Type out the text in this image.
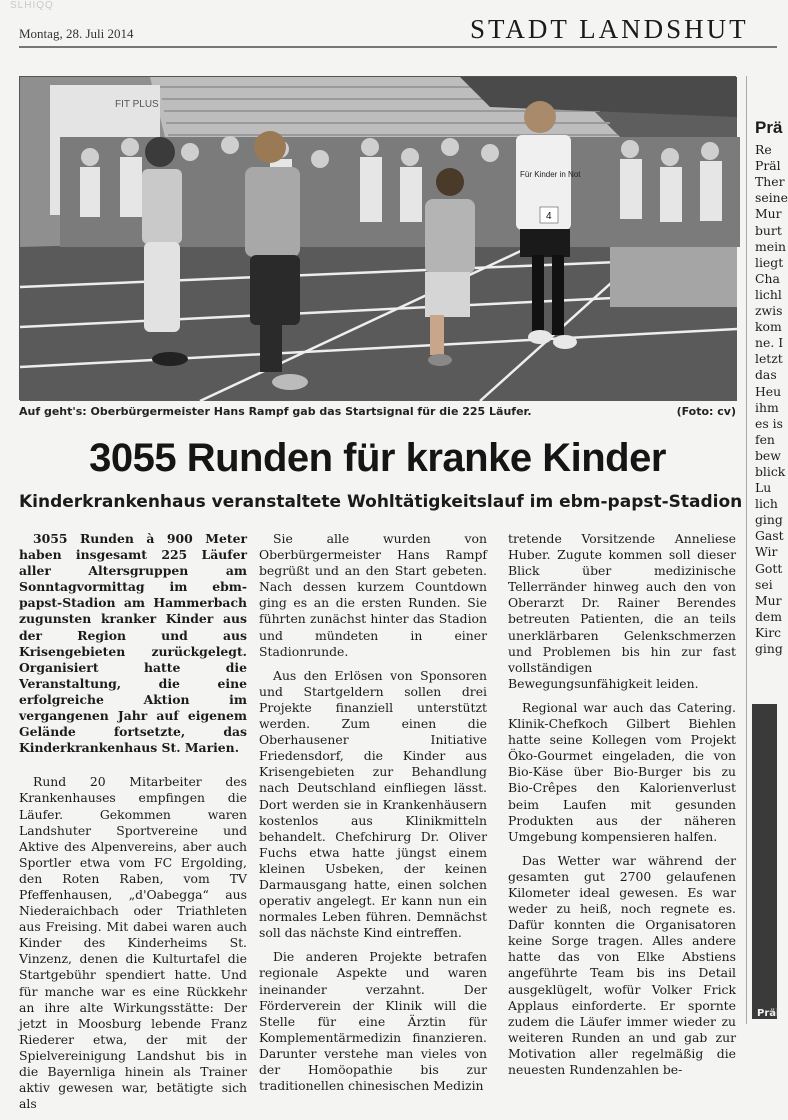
SLHIQQ
Montag, 28. Juli 2014	STADT LANDSHUT
FIT PLUS
Für Kinder in Not
4
Auf geht's: Oberbürgermeister Hans Rampf gab das Startsignal für die 225 Läufer.	(Foto: cv)
3055 Runden für kranke Kinder
Kinderkrankenhaus veranstaltete Wohltätigkeitslauf im ebm-papst-Stadion

3055 Runden à 900 Meter haben insgesamt 225 Läufer aller Altersgruppen am Sonntagvormittag im ebm-papst-Stadion am Hammerbach zugunsten kranker Kinder aus der Region und aus Krisengebieten zurückgelegt. Organisiert hatte die Veranstaltung, die eine erfolgreiche Aktion im vergangenen Jahr auf eigenem Gelände fortsetzte, das Kinderkrankenhaus St. Marien.

Rund 20 Mitarbeiter des Krankenhauses empfingen die Läufer. Gekommen waren Landshuter Sportvereine und Aktive des Alpenvereins, aber auch Sportler etwa vom FC Ergolding, den Roten Raben, vom TV Pfeffenhausen, „d'Oabegga“ aus Niederaichbach oder Triathleten aus Freising. Mit dabei waren auch Kinder des Kinderheims St. Vinzenz, denen die Kulturtafel die Startgebühr spendiert hatte. Und für manche war es eine Rückkehr an ihre alte Wirkungsstätte: Der jetzt in Moosburg lebende Franz Riederer etwa, der mit der Spielvereinigung Landshut bis in die Bayernliga hinein als Trainer aktiv gewesen war, betätigte sich als

Sie alle wurden von Oberbürgermeister Hans Rampf begrüßt und an den Start gebeten. Nach dessen kurzem Countdown ging es an die ersten Runden. Sie führten zunächst hinter das Stadion und mündeten in einer Stadionrunde.

Aus den Erlösen von Sponsoren und Startgeldern sollen drei Projekte finanziell unterstützt werden. Zum einen die Oberhausener Initiative Friedensdorf, die Kinder aus Krisengebieten zur Behandlung nach Deutschland einfliegen lässt. Dort werden sie in Krankenhäusern kostenlos aus Klinikmitteln behandelt. Chefchirurg Dr. Oliver Fuchs etwa hatte jüngst einem kleinen Usbeken, der keinen Darmausgang hatte, einen solchen operativ angelegt. Er kann nun ein normales Leben führen. Demnächst soll das nächste Kind eintreffen.

Die anderen Projekte betrafen regionale Aspekte und waren ineinander verzahnt. Der Förderverein der Klinik will die Stelle für eine Ärztin für Komplementärmedizin finanzieren. Darunter verstehe man vieles von der Homöopathie bis zur traditionellen chinesischen Medizin

tretende Vorsitzende Anneliese Huber. Zugute kommen soll dieser Blick über medizinische Tellerränder hinweg auch den von Oberarzt Dr. Rainer Berendes betreuten Patienten, die an teils unerklärbaren Gelenkschmerzen und Problemen bis hin zur fast vollständigen Bewegungsunfähigkeit leiden.

Regional war auch das Catering. Klinik-Chefkoch Gilbert Biehlen hatte seine Kollegen vom Projekt Öko-Gourmet eingeladen, die von Bio-Käse über Bio-Burger bis zu Bio-Crêpes den Kalorienverlust beim Laufen mit gesunden Produkten aus der näheren Umgebung kompensieren halfen.

Das Wetter war während der gesamten gut 2700 gelaufenen Kilometer ideal gewesen. Es war weder zu heiß, noch regnete es. Dafür konnten die Organisatoren keine Sorge tragen. Alles andere hatte das von Elke Abstiens angeführte Team bis ins Detail ausgeklügelt, wofür Volker Frick Applaus einforderte. Er spornte zudem die Läufer immer wieder zu weiteren Runden an und gab zur Motivation aller regelmäßig die neuesten Rundenzahlen be-

Prä
Re
Präl
Ther
seine
Mur
burt
mein
liegt
Cha
lichl
zwis
kom
ne. I
letzt
das
Heu
ihm
es is
fen
bew
blick
Lu
lich
ging
Gast
Wir
Gott
sei
Mur
dem
Kirc
ging
Präl
